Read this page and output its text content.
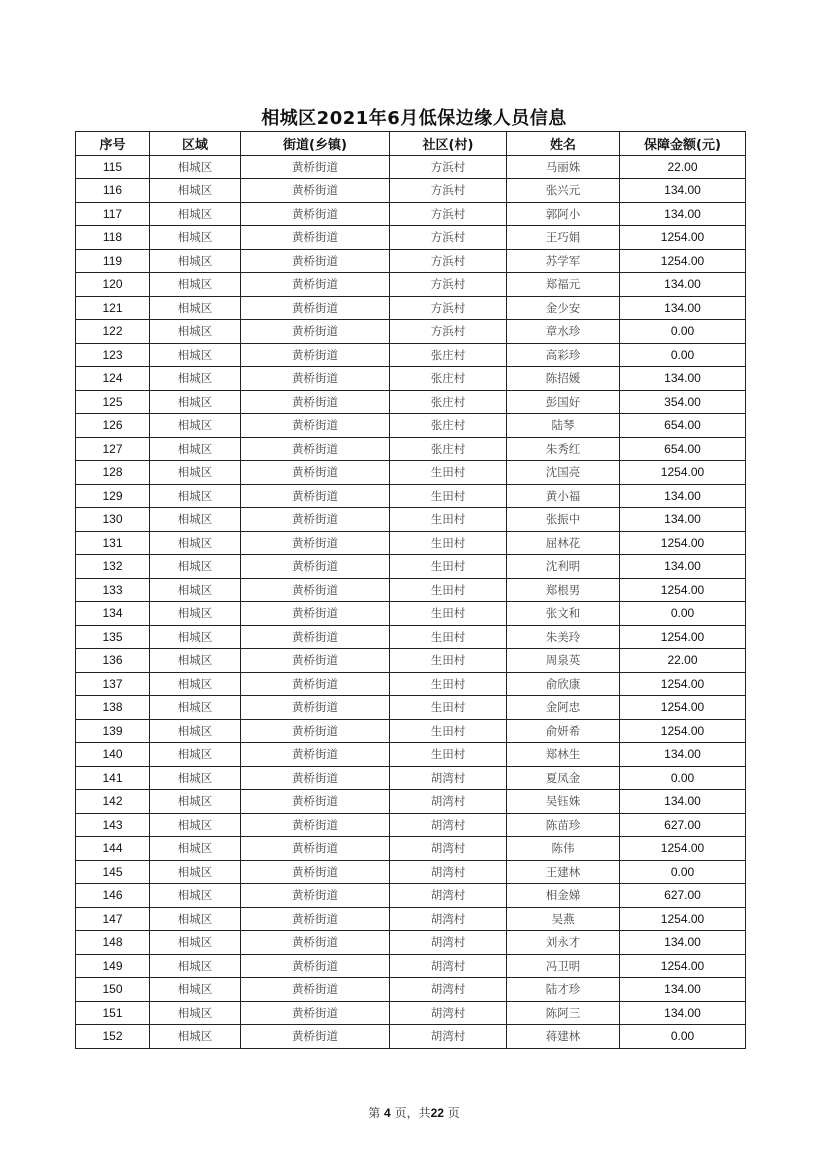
相城区2021年6月低保边缘人员信息
序号	区域	街道(乡镇)	社区(村)	姓名	保障金额(元)
115	相城区	黄桥街道	方浜村	马丽姝	22.00
116	相城区	黄桥街道	方浜村	张兴元	134.00
117	相城区	黄桥街道	方浜村	郭阿小	134.00
118	相城区	黄桥街道	方浜村	王巧娟	1254.00
119	相城区	黄桥街道	方浜村	苏学军	1254.00
120	相城区	黄桥街道	方浜村	郑福元	134.00
121	相城区	黄桥街道	方浜村	金少安	134.00
122	相城区	黄桥街道	方浜村	章水珍	0.00
123	相城区	黄桥街道	张庄村	高彩珍	0.00
124	相城区	黄桥街道	张庄村	陈招媛	134.00
125	相城区	黄桥街道	张庄村	彭国好	354.00
126	相城区	黄桥街道	张庄村	陆琴	654.00
127	相城区	黄桥街道	张庄村	朱秀红	654.00
128	相城区	黄桥街道	生田村	沈国亮	1254.00
129	相城区	黄桥街道	生田村	黄小福	134.00
130	相城区	黄桥街道	生田村	张振中	134.00
131	相城区	黄桥街道	生田村	屈林花	1254.00
132	相城区	黄桥街道	生田村	沈利明	134.00
133	相城区	黄桥街道	生田村	郑根男	1254.00
134	相城区	黄桥街道	生田村	张文和	0.00
135	相城区	黄桥街道	生田村	朱美玲	1254.00
136	相城区	黄桥街道	生田村	周泉英	22.00
137	相城区	黄桥街道	生田村	俞欣康	1254.00
138	相城区	黄桥街道	生田村	金阿忠	1254.00
139	相城区	黄桥街道	生田村	俞妍希	1254.00
140	相城区	黄桥街道	生田村	郑林生	134.00
141	相城区	黄桥街道	胡湾村	夏凤金	0.00
142	相城区	黄桥街道	胡湾村	吴钰姝	134.00
143	相城区	黄桥街道	胡湾村	陈苗珍	627.00
144	相城区	黄桥街道	胡湾村	陈伟	1254.00
145	相城区	黄桥街道	胡湾村	王建林	0.00
146	相城区	黄桥街道	胡湾村	相金娣	627.00
147	相城区	黄桥街道	胡湾村	吴燕	1254.00
148	相城区	黄桥街道	胡湾村	刘永才	134.00
149	相城区	黄桥街道	胡湾村	冯卫明	1254.00
150	相城区	黄桥街道	胡湾村	陆才珍	134.00
151	相城区	黄桥街道	胡湾村	陈阿三	134.00
152	相城区	黄桥街道	胡湾村	蒋建林	0.00
第 4 页，共22 页
